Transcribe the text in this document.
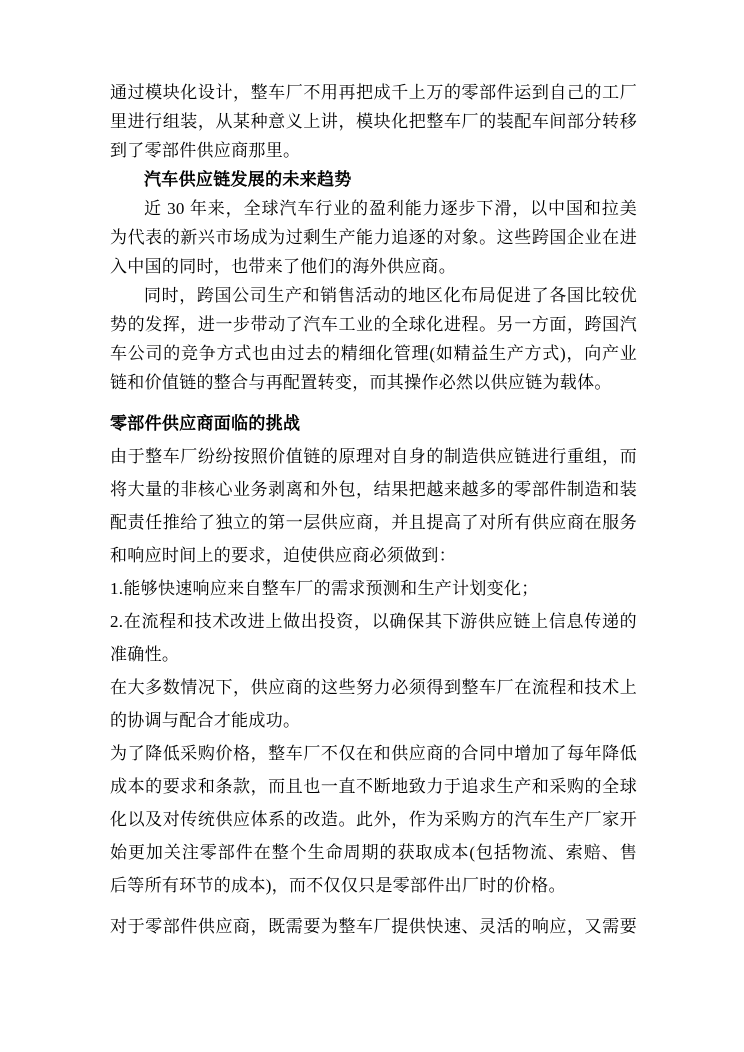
通过模块化设计，整车厂不用再把成千上万的零部件运到自己的工厂
里进行组装，从某种意义上讲，模块化把整车厂的装配车间部分转移
到了零部件供应商那里。
汽车供应链发展的未来趋势
近 30 年来，全球汽车行业的盈利能力逐步下滑，以中国和拉美
为代表的新兴市场成为过剩生产能力追逐的对象。这些跨国企业在进
入中国的同时，也带来了他们的海外供应商。
同时，跨国公司生产和销售活动的地区化布局促进了各国比较优
势的发挥，进一步带动了汽车工业的全球化进程。另一方面，跨国汽
车公司的竞争方式也由过去的精细化管理(如精益生产方式)，向产业
链和价值链的整合与再配置转变，而其操作必然以供应链为载体。
零部件供应商面临的挑战
由于整车厂纷纷按照价值链的原理对自身的制造供应链进行重组，而
将大量的非核心业务剥离和外包，结果把越来越多的零部件制造和装
配责任推给了独立的第一层供应商，并且提高了对所有供应商在服务
和响应时间上的要求，迫使供应商必须做到：
1.能够快速响应来自整车厂的需求预测和生产计划变化；
2.在流程和技术改进上做出投资，以确保其下游供应链上信息传递的
准确性。
在大多数情况下，供应商的这些努力必须得到整车厂在流程和技术上
的协调与配合才能成功。
为了降低采购价格，整车厂不仅在和供应商的合同中增加了每年降低
成本的要求和条款，而且也一直不断地致力于追求生产和采购的全球
化以及对传统供应体系的改造。此外，作为采购方的汽车生产厂家开
始更加关注零部件在整个生命周期的获取成本(包括物流、索赔、售
后等所有环节的成本)，而不仅仅只是零部件出厂时的价格。
对于零部件供应商，既需要为整车厂提供快速、灵活的响应，又需要
